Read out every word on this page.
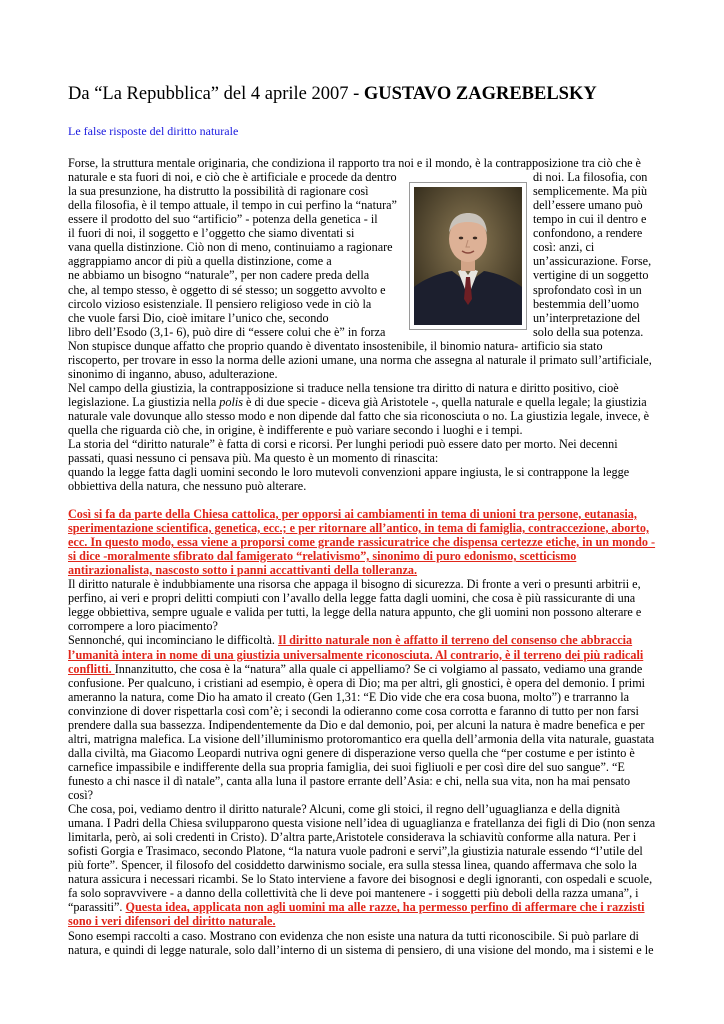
Da “La Repubblica” del 4 aprile 2007 - GUSTAVO ZAGREBELSKY
Le false risposte del diritto naturale
Forse, la struttura mentale originaria, che condiziona il rapporto tra noi e il mondo, è la contrapposizione tra ciò che è
naturale e sta fuori di noi, e ciò che è artificiale e procede da dentro	di noi. La filosofia, con
la sua presunzione, ha distrutto la possibilità di ragionare così	semplicemente. Ma più
della filosofia, è il tempo attuale, il tempo in cui perfino la “natura”	dell’essere umano può
essere il prodotto del suo “artificio” - potenza della genetica - il	tempo in cui il dentro e
il fuori di noi, il soggetto e l’oggetto che siamo diventati si	confondono, a rendere
vana quella distinzione. Ciò non di meno, continuiamo a ragionare	così: anzi, ci
aggrappiamo ancor di più a quella distinzione, come a	un’assicurazione. Forse,
ne abbiamo un bisogno “naturale”, per non cadere preda della	vertigine di un soggetto
che, al tempo stesso, è oggetto di sé stesso; un soggetto avvolto e	sprofondato così in un
circolo vizioso esistenziale. Il pensiero religioso vede in ciò la	bestemmia dell’uomo
che vuole farsi Dio, cioè imitare l’unico che, secondo	un’interpretazione del
libro dell’Esodo (3,1- 6), può dire di “essere colui che è” in forza	solo della sua potenza.
Non stupisce dunque affatto che proprio quando è diventato insostenibile, il binomio natura- artificio sia stato
riscoperto, per trovare in esso la norma delle azioni umane, una norma che assegna al naturale il primato sull’artificiale,
sinonimo di inganno, abuso, adulterazione.
Nel campo della giustizia, la contrapposizione si traduce nella tensione tra diritto di natura e diritto positivo, cioè
legislazione. La giustizia nella polis è di due specie - diceva già Aristotele -, quella naturale e quella legale; la giustizia
naturale vale dovunque allo stesso modo e non dipende dal fatto che sia riconosciuta o no. La giustizia legale, invece, è
quella che riguarda ciò che, in origine, è indifferente e può variare secondo i luoghi e i tempi.
La storia del “diritto naturale” è fatta di corsi e ricorsi. Per lunghi periodi può essere dato per morto. Nei decenni
passati, quasi nessuno ci pensava più. Ma questo è un momento di rinascita:
quando la legge fatta dagli uomini secondo le loro mutevoli convenzioni appare ingiusta, le si contrappone la legge
obbiettiva della natura, che nessuno può alterare.
Così si fa da parte della Chiesa cattolica, per opporsi ai cambiamenti in tema di unioni tra persone, eutanasia,
sperimentazione scientifica, genetica, ecc.; e per ritornare all’antico, in tema di famiglia, contraccezione, aborto,
ecc. In questo modo, essa viene a proporsi come grande rassicuratrice che dispensa certezze etiche, in un mondo -
si dice -moralmente sfibrato dal famigerato “relativismo”, sinonimo di puro edonismo, scetticismo
antirazionalista, nascosto sotto i panni accattivanti della tolleranza.
Il diritto naturale è indubbiamente una risorsa che appaga il bisogno di sicurezza. Di fronte a veri o presunti arbitrii e,
perfino, ai veri e propri delitti compiuti con l’avallo della legge fatta dagli uomini, che cosa è più rassicurante di una
legge obbiettiva, sempre uguale e valida per tutti, la legge della natura appunto, che gli uomini non possono alterare e
corrompere a loro piacimento?
Sennonché, qui incominciano le difficoltà. Il diritto naturale non è affatto il terreno del consenso che abbraccia
l’umanità intera in nome di una giustizia universalmente riconosciuta. Al contrario, è il terreno dei più radicali
conflitti. Innanzitutto, che cosa è la “natura” alla quale ci appelliamo? Se ci volgiamo al passato, vediamo una grande
confusione. Per qualcuno, i cristiani ad esempio, è opera di Dio; ma per altri, gli gnostici, è opera del demonio. I primi
ameranno la natura, come Dio ha amato il creato (Gen 1,31: “E Dio vide che era cosa buona, molto”) e trarranno la
convinzione di dover rispettarla così com’è; i secondi la odieranno come cosa corrotta e faranno di tutto per non farsi
prendere dalla sua bassezza. Indipendentemente da Dio e dal demonio, poi, per alcuni la natura è madre benefica e per
altri, matrigna malefica. La visione dell’illuminismo protoromantico era quella dell’armonia della vita naturale, guastata
dalla civiltà, ma Giacomo Leopardi nutriva ogni genere di disperazione verso quella che “per costume e per istinto è
carnefice impassibile e indifferente della sua propria famiglia, dei suoi figliuoli e per così dire del suo sangue”. “E
funesto a chi nasce il dì natale”, canta alla luna il pastore errante dell’Asia: e chi, nella sua vita, non ha mai pensato
così?
Che cosa, poi, vediamo dentro il diritto naturale? Alcuni, come gli stoici, il regno dell’uguaglianza e della dignità
umana. I Padri della Chiesa svilupparono questa visione nell’idea di uguaglianza e fratellanza dei figli di Dio (non senza
limitarla, però, ai soli credenti in Cristo). D’altra parte,Aristotele considerava la schiavitù conforme alla natura. Per i
sofisti Gorgia e Trasimaco, secondo Platone, “la natura vuole padroni e servi”,la giustizia naturale essendo “l’utile del
più forte”. Spencer, il filosofo del cosiddetto darwinismo sociale, era sulla stessa linea, quando affermava che solo la
natura assicura i necessari ricambi. Se lo Stato interviene a favore dei bisognosi e degli ignoranti, con ospedali e scuole,
fa solo sopravvivere - a danno della collettività che li deve poi mantenere - i soggetti più deboli della razza umana”, i
“parassiti”. Questa idea, applicata non agli uomini ma alle razze, ha permesso perfino di affermare che i razzisti
sono i veri difensori del diritto naturale.
Sono esempi raccolti a caso. Mostrano con evidenza che non esiste una natura da tutti riconoscibile. Si può parlare di
natura, e quindi di legge naturale, solo dall’interno di un sistema di pensiero, di una visione del mondo, ma i sistemi e le
